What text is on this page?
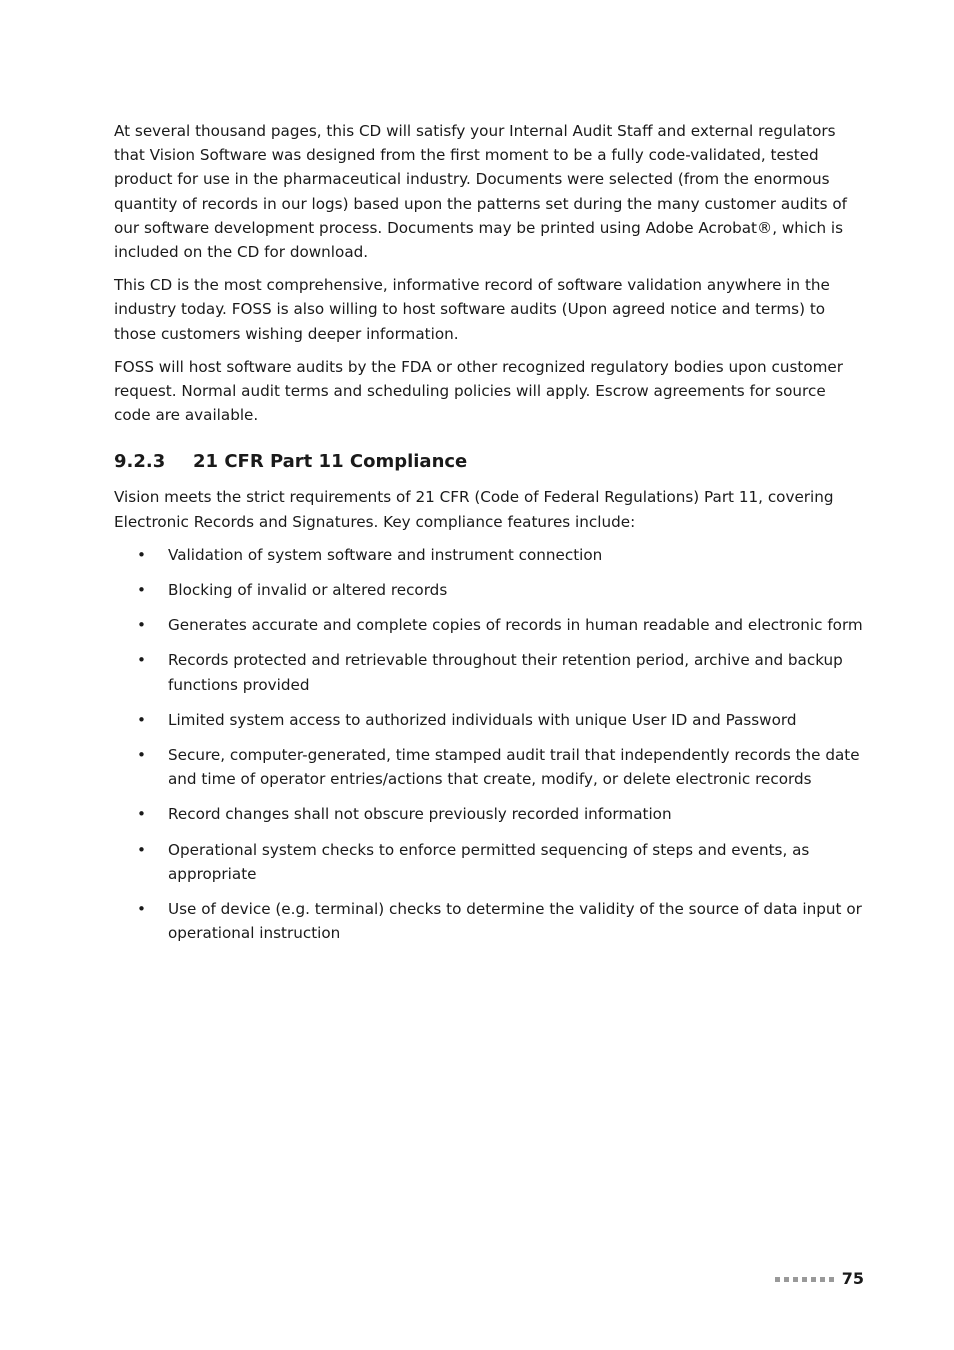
At several thousand pages, this CD will satisfy your Internal Audit Staff and external regulators that Vision Software was designed from the first moment to be a fully code-validated, tested product for use in the pharmaceutical industry. Documents were selected (from the enormous quantity of records in our logs) based upon the patterns set during the many customer audits of our software development process. Documents may be printed using Adobe Acrobat®, which is included on the CD for download.

This CD is the most comprehensive, informative record of software validation anywhere in the industry today. FOSS is also willing to host software audits (Upon agreed notice and terms) to those customers wishing deeper information.

FOSS will host software audits by the FDA or other recognized regulatory bodies upon customer request. Normal audit terms and scheduling policies will apply. Escrow agreements for source code are available.

9.2.3	21 CFR Part 11 Compliance

Vision meets the strict requirements of 21 CFR (Code of Federal Regulations) Part 11, covering Electronic Records and Signatures. Key compliance features include:

• Validation of system software and instrument connection
• Blocking of invalid or altered records
• Generates accurate and complete copies of records in human readable and electronic form
• Records protected and retrievable throughout their retention period, archive and backup functions provided
• Limited system access to authorized individuals with unique User ID and Password
• Secure, computer-generated, time stamped audit trail that independently records the date and time of operator entries/actions that create, modify, or delete electronic records
• Record changes shall not obscure previously recorded information
• Operational system checks to enforce permitted sequencing of steps and events, as appropriate
• Use of device (e.g. terminal) checks to determine the validity of the source of data input or operational instruction
75
